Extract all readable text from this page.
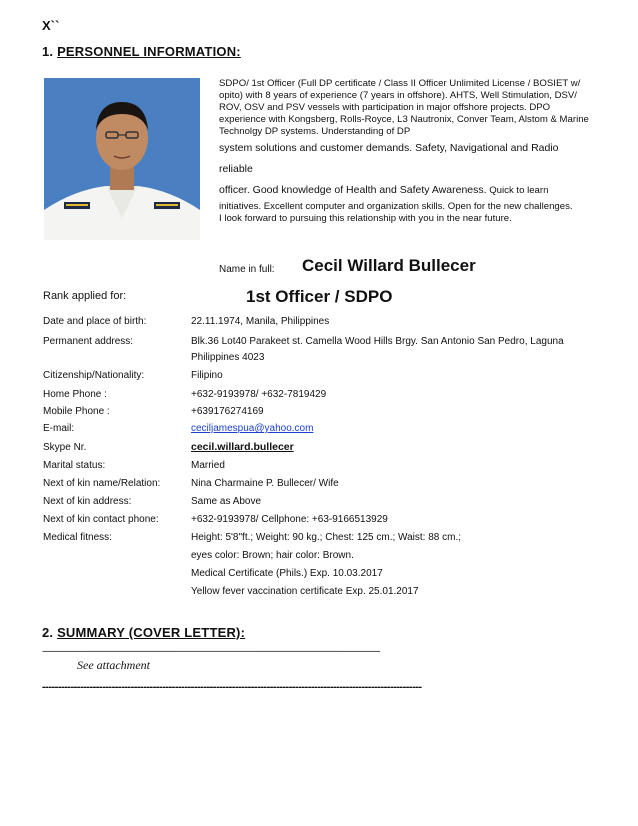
X``
1. PERSONNEL INFORMATION:

SDPO/ 1st Officer (Full DP certificate / Class II Officer Unlimited License / BOSIET w/ opito) with 8 years of experience (7 years in offshore). AHTS, Well Stimulation, DSV/ ROV, OSV and PSV vessels with participation in major offshore projects. DPO experience with Kongsberg, Rolls-Royce, L3 Nautronix, Conver Team, Alstom & Marine Technolgy DP systems. Understanding of DP

system solutions and customer demands. Safety, Navigational and Radio reliable

officer. Good knowledge of Health and Safety Awareness. Quick to learn initiatives. Excellent computer and organization skills. Open for the new challenges.

I look forward to pursuing this relationship with you in the near future.

Name in full: Cecil Willard Bullecer
Rank applied for:	1st Officer / SDPO
Date and place of birth:	22.11.1974, Manila, Philippines
Permanent address:	Blk.36 Lot40 Parakeet st. Camella Wood Hills Brgy. San Antonio San Pedro, Laguna
Philippines 4023
Citizenship/Nationality:	Filipino
Home Phone :	+632-9193978/ +632-7819429
Mobile Phone :	+639176274169
E-mail:	ceciljamespua@yahoo.com
Skype Nr.	cecil.willard.bullecer
Marital status:	Married
Next of kin name/Relation:	Nina Charmaine P. Bullecer/ Wife
Next of kin address:	Same as Above
Next of kin contact phone:	+632-9193978/ Cellphone: +63-9166513929
Medical fitness:	Height: 5'8"ft.; Weight: 90 kg.; Chest: 125 cm.; Waist: 88 cm.;
eyes color: Brown; hair color: Brown.
Medical Certificate (Phils.) Exp. 10.03.2017
Yellow fever vaccination certificate Exp. 25.01.2017
2. SUMMARY (COVER LETTER):
-------------------------------------------------------------------------------------------------------------------------------------------------------------------------
See attachment
------------------------------------------------------------------------------------------------------------------------
